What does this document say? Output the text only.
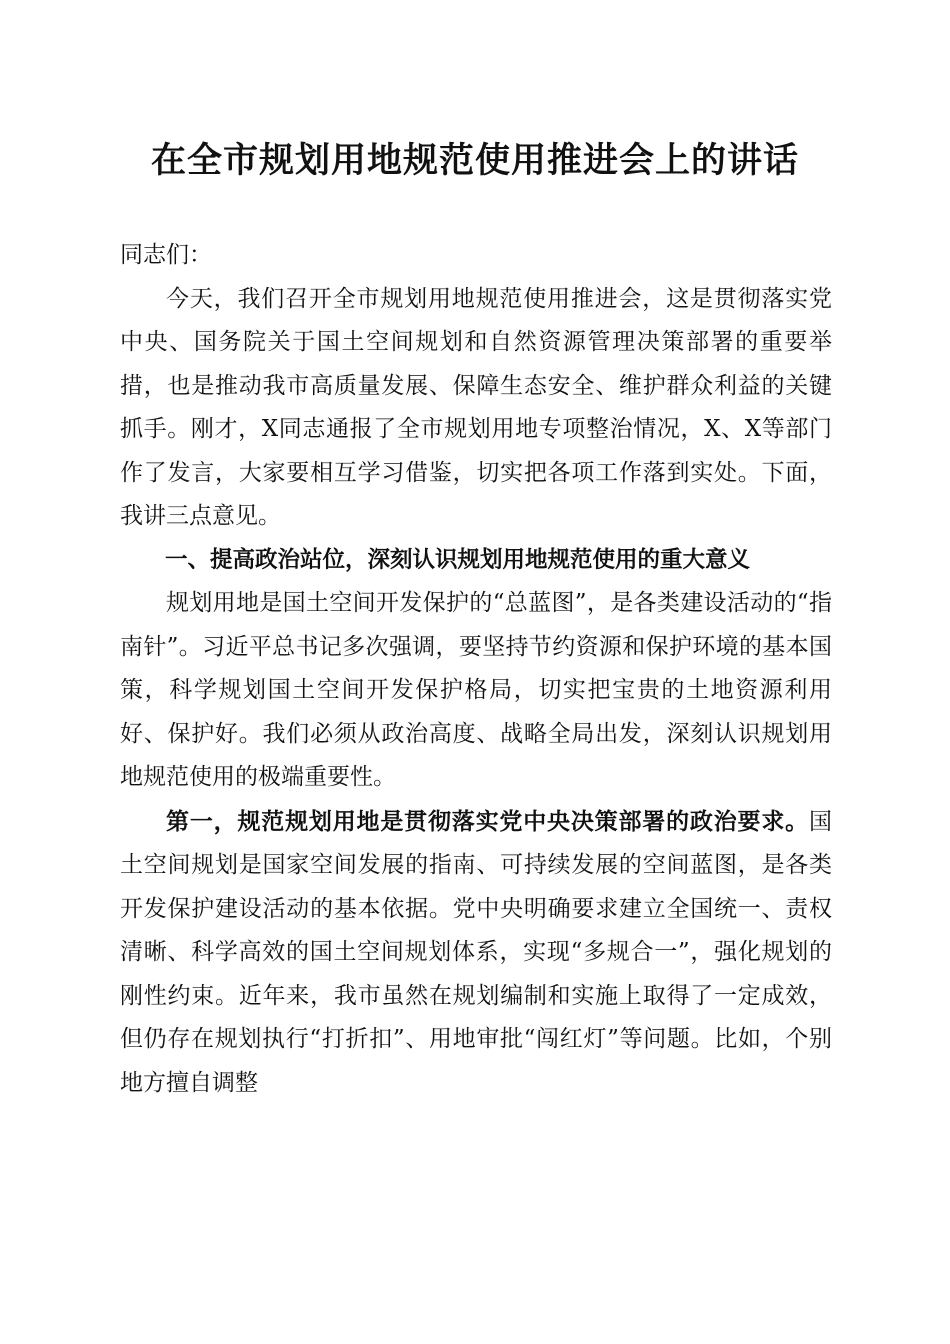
在全市规划用地规范使用推进会上的讲话

同志们：

今天，我们召开全市规划用地规范使用推进会，这是贯彻落实党中央、国务院关于国土空间规划和自然资源管理决策部署的重要举措，也是推动我市高质量发展、保障生态安全、维护群众利益的关键抓手。刚才，X同志通报了全市规划用地专项整治情况，X、X等部门作了发言，大家要相互学习借鉴，切实把各项工作落到实处。下面，我讲三点意见。

一、提高政治站位，深刻认识规划用地规范使用的重大意义

规划用地是国土空间开发保护的“总蓝图”，是各类建设活动的“指南针”。习近平总书记多次强调，要坚持节约资源和保护环境的基本国策，科学规划国土空间开发保护格局，切实把宝贵的土地资源利用好、保护好。我们必须从政治高度、战略全局出发，深刻认识规划用地规范使用的极端重要性。

第一，规范规划用地是贯彻落实党中央决策部署的政治要求。国土空间规划是国家空间发展的指南、可持续发展的空间蓝图，是各类开发保护建设活动的基本依据。党中央明确要求建立全国统一、责权清晰、科学高效的国土空间规划体系，实现“多规合一”，强化规划的刚性约束。近年来，我市虽然在规划编制和实施上取得了一定成效，但仍存在规划执行“打折扣”、用地审批“闯红灯”等问题。比如，个别地方擅自调整
